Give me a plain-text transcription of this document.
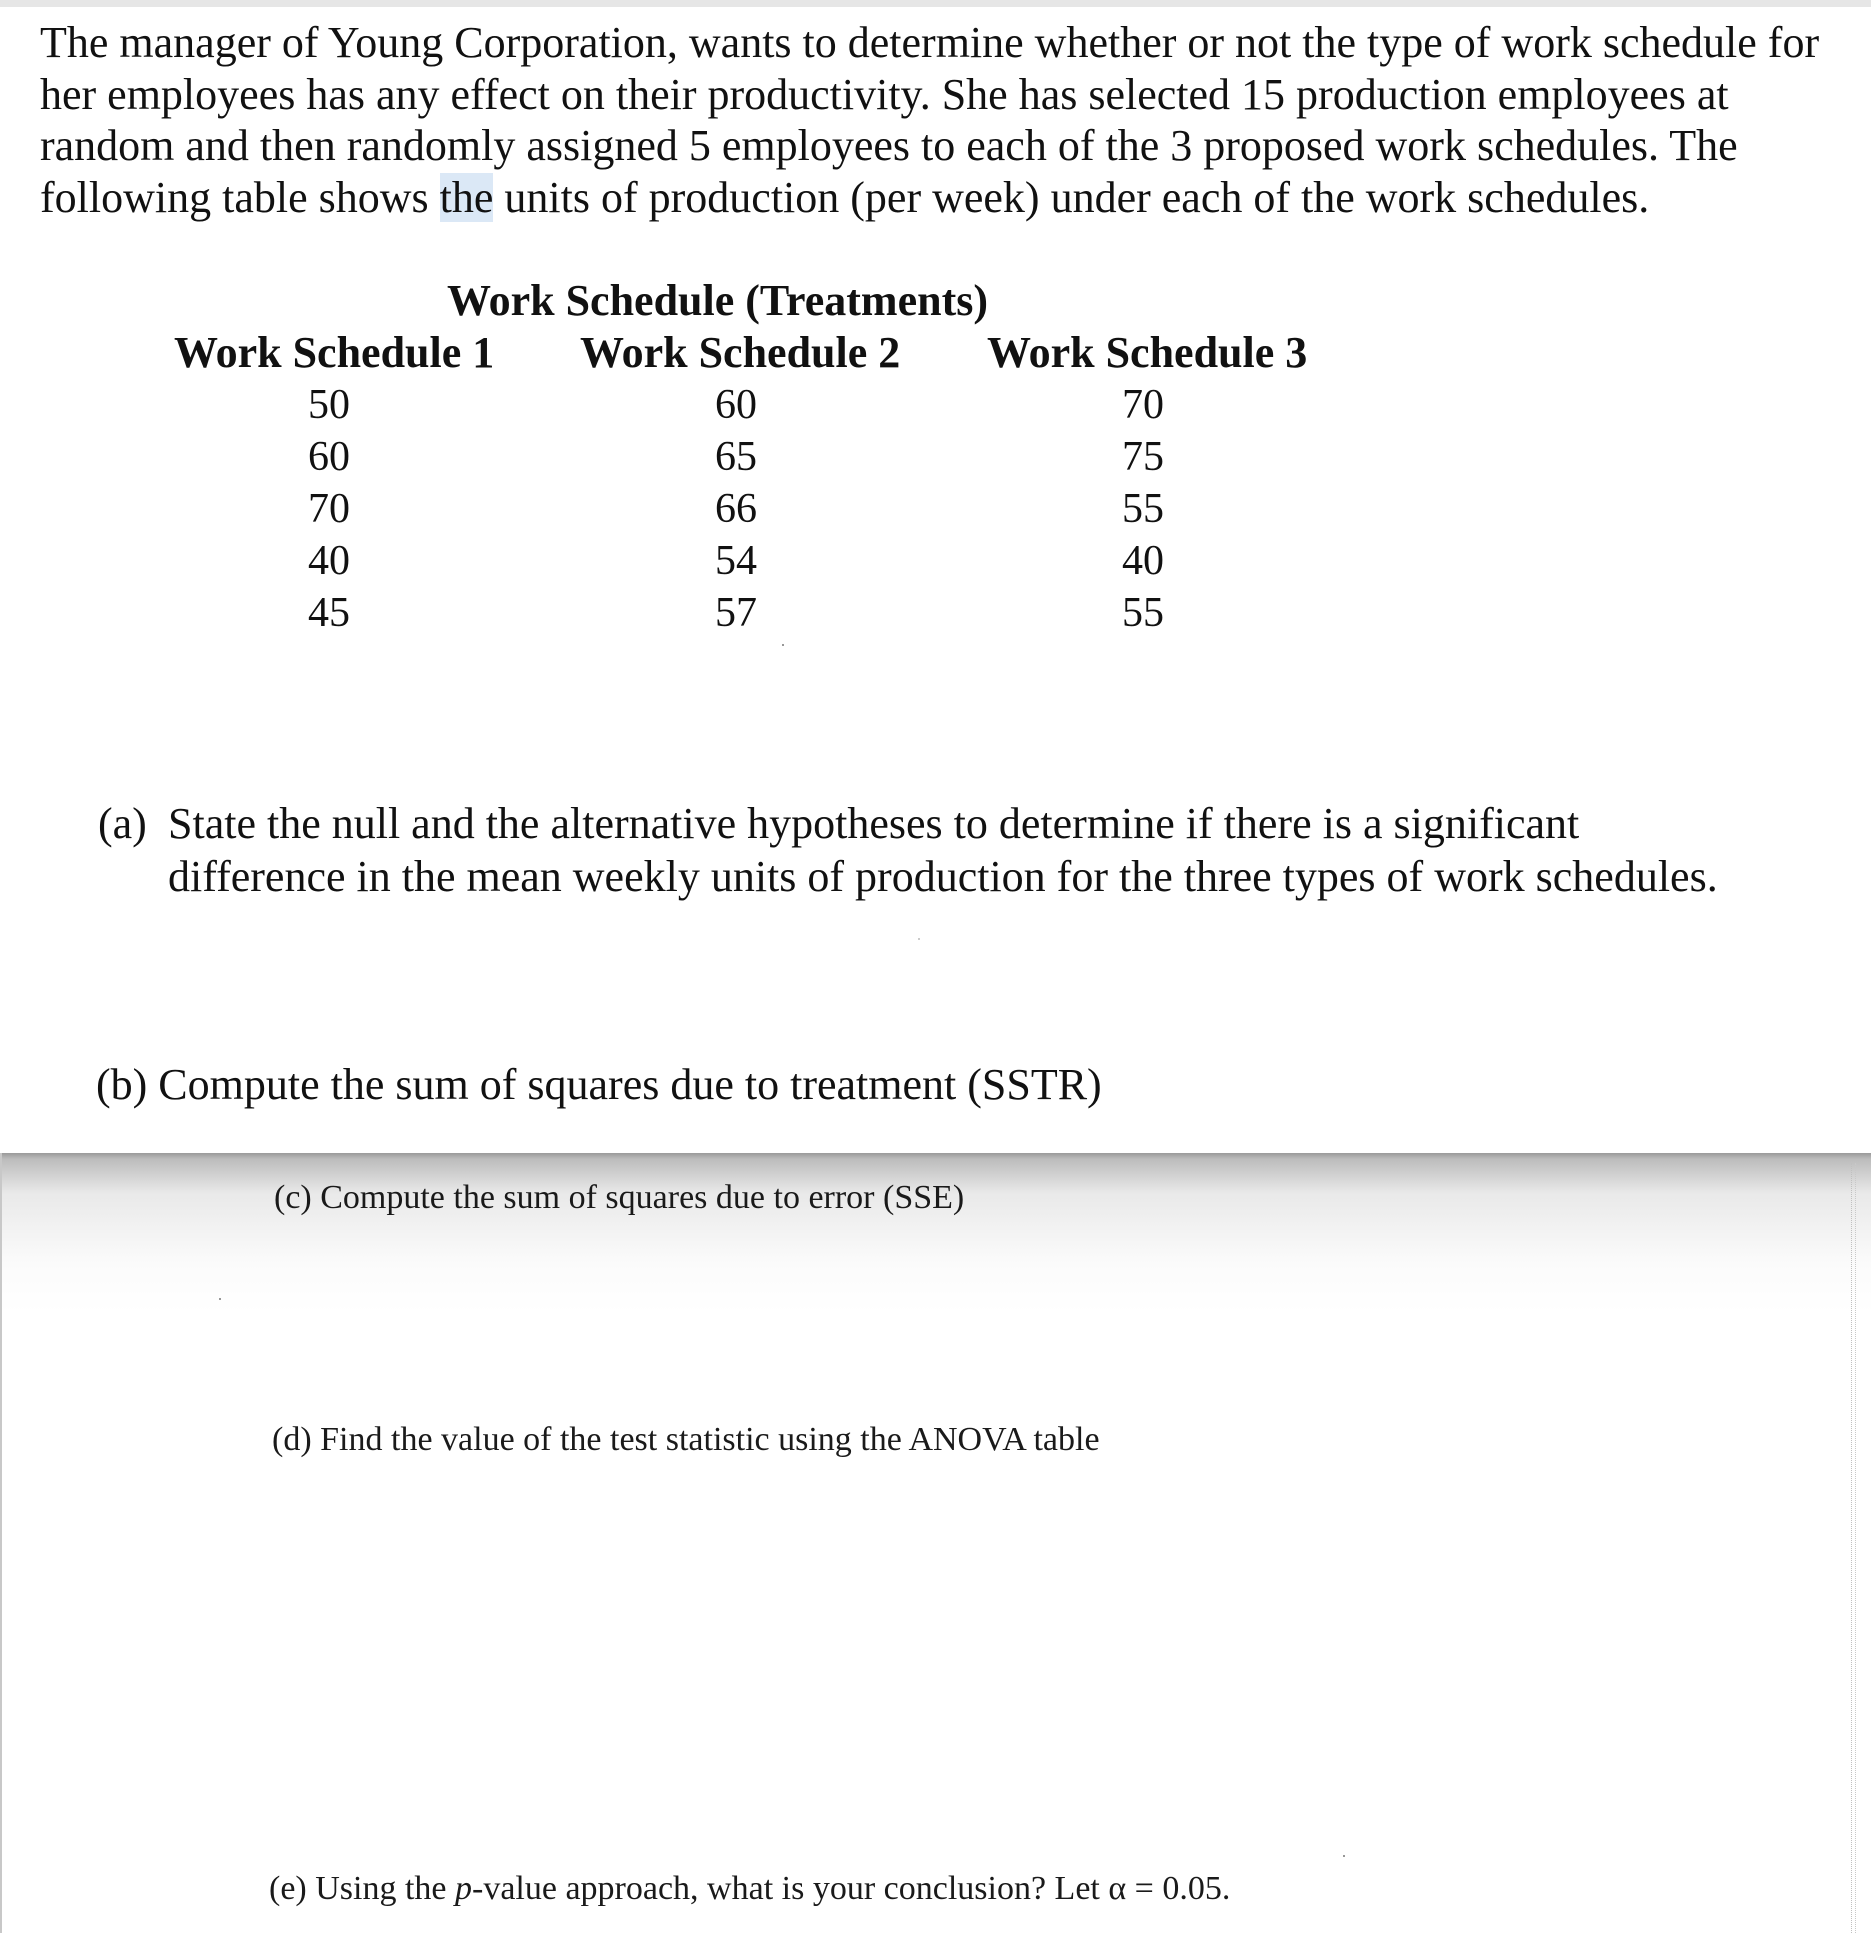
The manager of Young Corporation, wants to determine whether or not the type of work schedule for her employees has any effect on their productivity. She has selected 15 production employees at random and then randomly assigned 5 employees to each of the 3 proposed work schedules. The following table shows the units of production (per week) under each of the work schedules.

Work Schedule (Treatments)
Work Schedule 1 Work Schedule 2 Work Schedule 3
50
60
70
40
45
60
65
66
54
57
70
75
55
40
55
(a) State the null and the alternative hypotheses to determine if there is a significant
difference in the mean weekly units of production for the three types of work schedules.
(b) Compute the sum of squares due to treatment (SSTR)
(c) Compute the sum of squares due to error (SSE)
(d) Find the value of the test statistic using the ANOVA table
(e) Using the p-value approach, what is your conclusion? Let α = 0.05.
